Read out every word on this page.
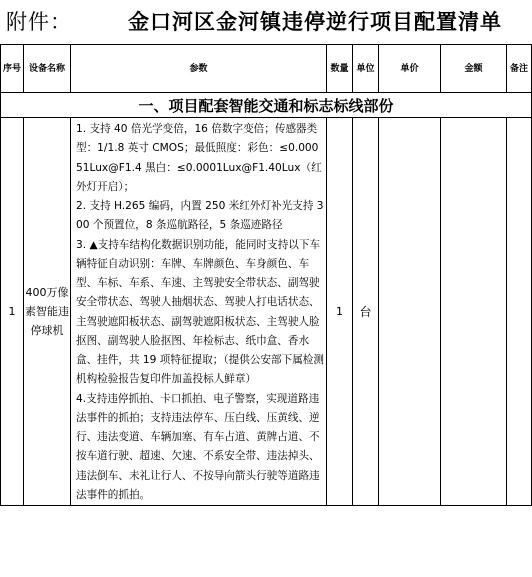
附件：	金口河区金河镇违停逆行项目配置清单
序号	设备名称	参数	数量	单位	单价	金额	备注
一、项目配套智能交通和标志标线部份							
1	400万像素智能违停球机	1. 支持 40 倍光学变倍，16 倍数字变倍；传感器类型：1/1.8 英寸 CMOS；最低照度：彩色：≤0.00051Lux@F1.4 黑白：≤0.0001Lux@F1.40Lux（红外灯开启）；

2. 支持 H.265 编码，内置 250 米红外灯补光支持 300 个预置位，8 条巡航路径，5 条巡迹路径

3. ▲支持车结构化数据识别功能，能同时支持以下车辆特征自动识别：车牌、车牌颜色、车身颜色、车型、车标、车系、车速、主驾驶安全带状态、副驾驶安全带状态、驾驶人抽烟状态、驾驶人打电话状态、主驾驶遮阳板状态、副驾驶遮阳板状态、主驾驶人脸抠图、副驾驶人脸抠图、年检标志、纸巾盒、香水盒、挂件，共 19 项特征提取；（提供公安部下属检测机构检验报告复印件加盖投标人鲜章）

4.支持违停抓拍、卡口抓拍、电子警察，实现道路违法事件的抓拍；支持违法停车、压白线、压黄线、逆行、违法变道、车辆加塞、有车占道、黄牌占道、不按车道行驶、超速、欠速、不系安全带、违法掉头、违法倒车、未礼让行人、不按导向箭头行驶等道路违法事件的抓拍。	1	台			
